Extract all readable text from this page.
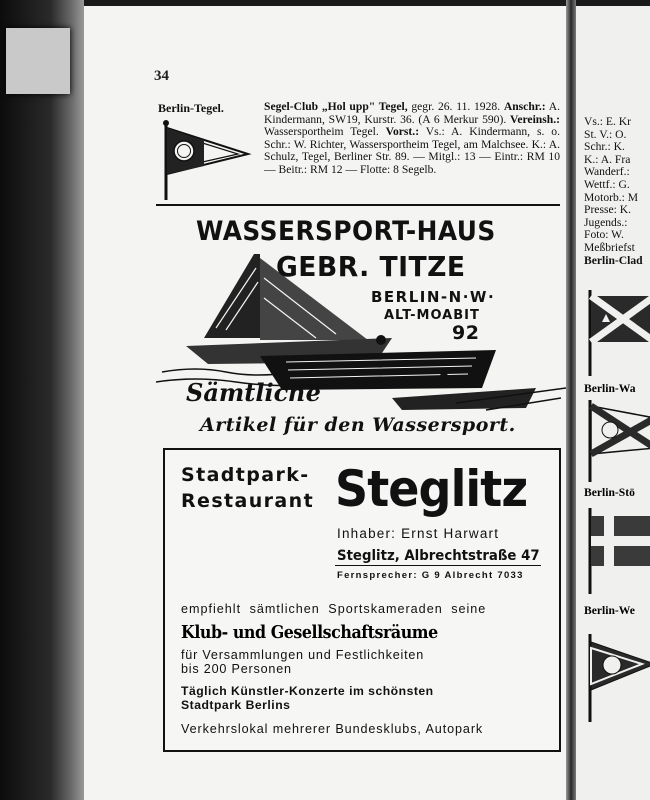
34
Berlin-Tegel.	Segel-Club „Hol upp" Tegel, gegr. 26. 11. 1928. Anschr.: A. Kindermann, SW19, Kurstr. 36. (A 6 Merkur 590). Vereinsh.: Wassersportheim Tegel. Vorst.: Vs.: A. Kindermann, s. o. Schr.: W. Richter, Wassersportheim Tegel, am Malchsee. K.: A. Schulz, Tegel, Berliner Str. 89. — Mitgl.: 13 — Eintr.: RM 10 — Beitr.: RM 12 — Flotte: 8 Segelb.
WASSERSPORT-HAUS
GEBR. TITZE
BERLIN-N·W·
ALT-MOABIT
92
Sämtliche
Artikel für den Wassersport.
Stadtpark-
Restaurant Steglitz
Inhaber: Ernst Harwart
Steglitz, Albrechtstraße 47
Fernsprecher: G 9 Albrecht 7033
empfiehlt sämtlichen Sportskameraden seine
Klub- und Gesellschaftsräume
für Versammlungen und Festlichkeiten bis 200 Personen
Täglich Künstler-Konzerte im schönsten Stadtpark Berlins
Verkehrslokal mehrerer Bundesklubs, Autopark
Vs.: E. Kr
St. V.: O.
Schr.: K.
K.: A. Fra
Wanderf.:
Wettf.: G.
Motorb.: M
Presse: K.
Jugends.:
Foto: W.
Meßbriefst
Berlin-Clad
Berlin-Wa
Berlin-Stö
Berlin-We
